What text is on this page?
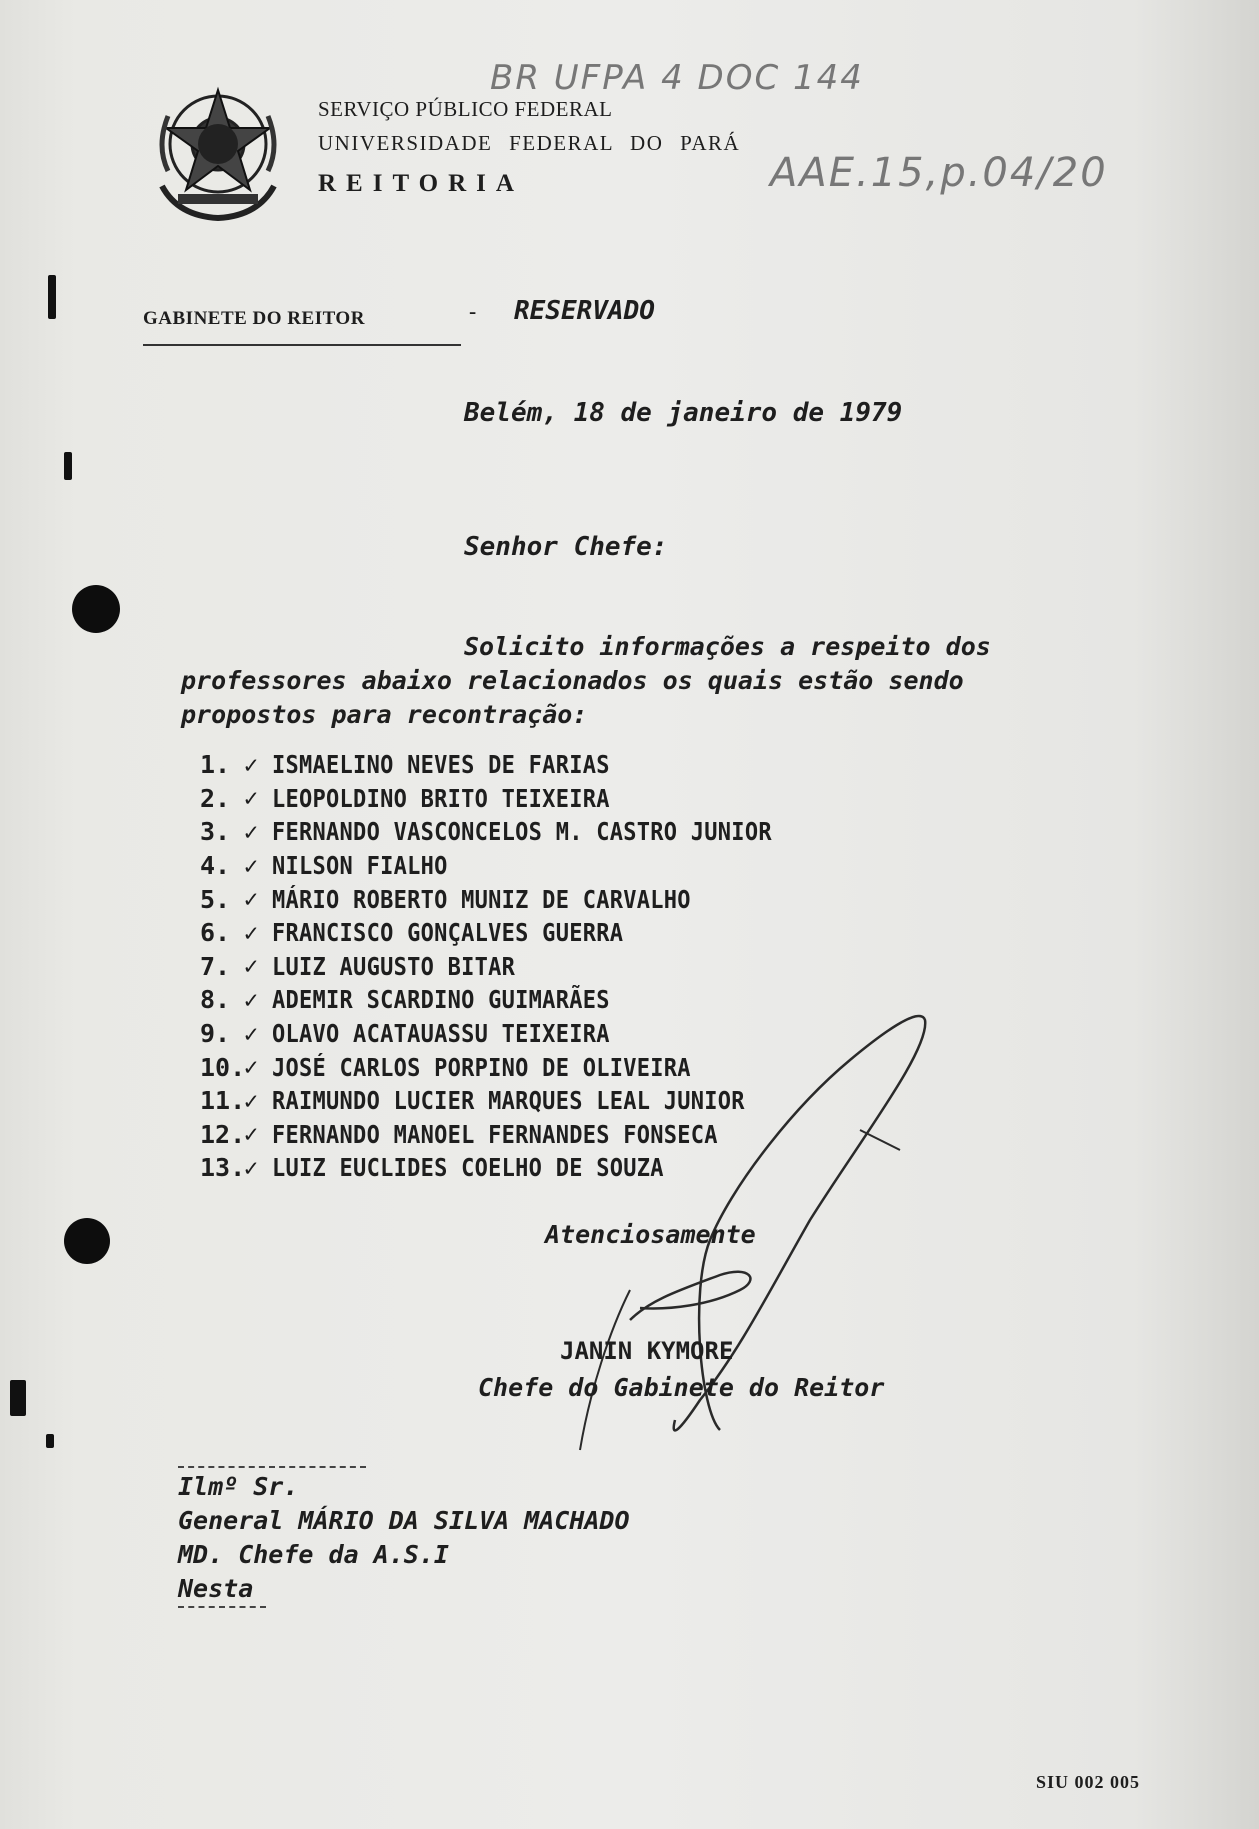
SERVIÇO PÚBLICO FEDERAL
UNIVERSIDADE FEDERAL DO PARÁ
REITORIA
BR UFPA 4 DOC 144
AAE.15,p.04/20
GABINETE DO REITOR	- RESERVADO
Belém, 18 de janeiro de 1979
Senhor Chefe:
Solicito informações a respeito dos
professores abaixo relacionados os quais estão sendo
propostos para recontração:
1. ✓ ISMAELINO NEVES DE FARIAS
2. ✓ LEOPOLDINO BRITO TEIXEIRA
3. ✓ FERNANDO VASCONCELOS M. CASTRO JUNIOR
4. ✓ NILSON FIALHO
5. ✓ MÁRIO ROBERTO MUNIZ DE CARVALHO
6. ✓ FRANCISCO GONÇALVES GUERRA
7. ✓ LUIZ AUGUSTO BITAR
8. ✓ ADEMIR SCARDINO GUIMARÃES
9. ✓ OLAVO ACATAUASSU TEIXEIRA
10.
✓ JOSÉ CARLOS PORPINO DE OLIVEIRA
11.
✓ RAIMUNDO LUCIER MARQUES LEAL JUNIOR
12.
✓ FERNANDO MANOEL FERNANDES FONSECA
13.
✓ LUIZ EUCLIDES COELHO DE SOUZA
Atenciosamente
JANIN KYMORE
Chefe do Gabinete do Reitor
Ilmº Sr.
General MÁRIO DA SILVA MACHADO
MD. Chefe da A.S.I
Nesta
SIU 002 005
